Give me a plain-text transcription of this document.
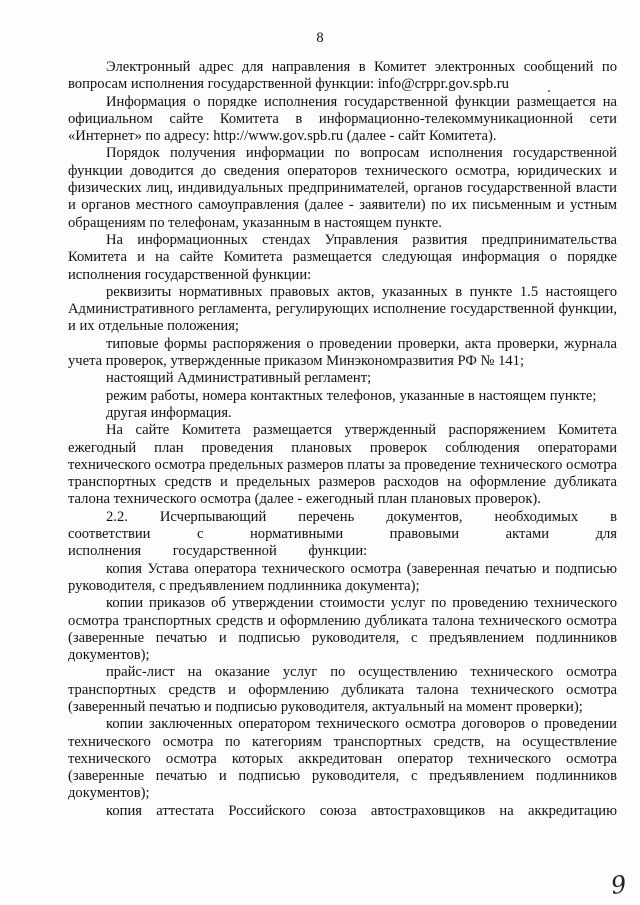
8

Электронный адрес для направления в Комитет электронных сообщений по вопросам исполнения государственной функции: info@crppr.gov.spb.ru

Информация о порядке исполнения государственной функции размещается на официальном сайте Комитета в информационно-телекоммуникационной сети «Интернет» по адресу: http://www.gov.spb.ru (далее - сайт Комитета).

Порядок получения информации по вопросам исполнения государственной функции доводится до сведения операторов технического осмотра, юридических и физических лиц, индивидуальных предпринимателей, органов государственной власти и органов местного самоуправления (далее - заявители) по их письменным и устным обращениям по телефонам, указанным в настоящем пункте.

На информационных стендах Управления развития предпринимательства Комитета и на сайте Комитета размещается следующая информация о порядке исполнения государственной функции:

реквизиты нормативных правовых актов, указанных в пункте 1.5 настоящего Административного регламента, регулирующих исполнение государственной функции, и их отдельные положения;

типовые формы распоряжения о проведении проверки, акта проверки, журнала учета проверок, утвержденные приказом Минэкономразвития РФ № 141;

настоящий Административный регламент;

режим работы, номера контактных телефонов, указанные в настоящем пункте;

другая информация.

На сайте Комитета размещается утвержденный распоряжением Комитета ежегодный план проведения плановых проверок соблюдения операторами технического осмотра предельных размеров платы за проведение технического осмотра транспортных средств и предельных размеров расходов на оформление дубликата талона технического осмотра (далее - ежегодный план плановых проверок).

2.2. Исчерпывающий перечень документов, необходимых в соответствии с нормативными правовыми актами для исполнения государственной функции:

копия Устава оператора технического осмотра (заверенная печатью и подписью руководителя, с предъявлением подлинника документа);

копии приказов об утверждении стоимости услуг по проведению технического осмотра транспортных средств и оформлению дубликата талона технического осмотра (заверенные печатью и подписью руководителя, с предъявлением подлинников документов);

прайс-лист на оказание услуг по осуществлению технического осмотра транспортных средств и оформлению дубликата талона технического осмотра (заверенный печатью и подписью руководителя, актуальный на момент проверки);

копии заключенных оператором технического осмотра договоров о проведении технического осмотра по категориям транспортных средств, на осуществление технического осмотра которых аккредитован оператор технического осмотра (заверенные печатью и подписью руководителя, с предъявлением подлинников документов);

копия аттестата Российского союза автостраховщиков на аккредитацию

9
